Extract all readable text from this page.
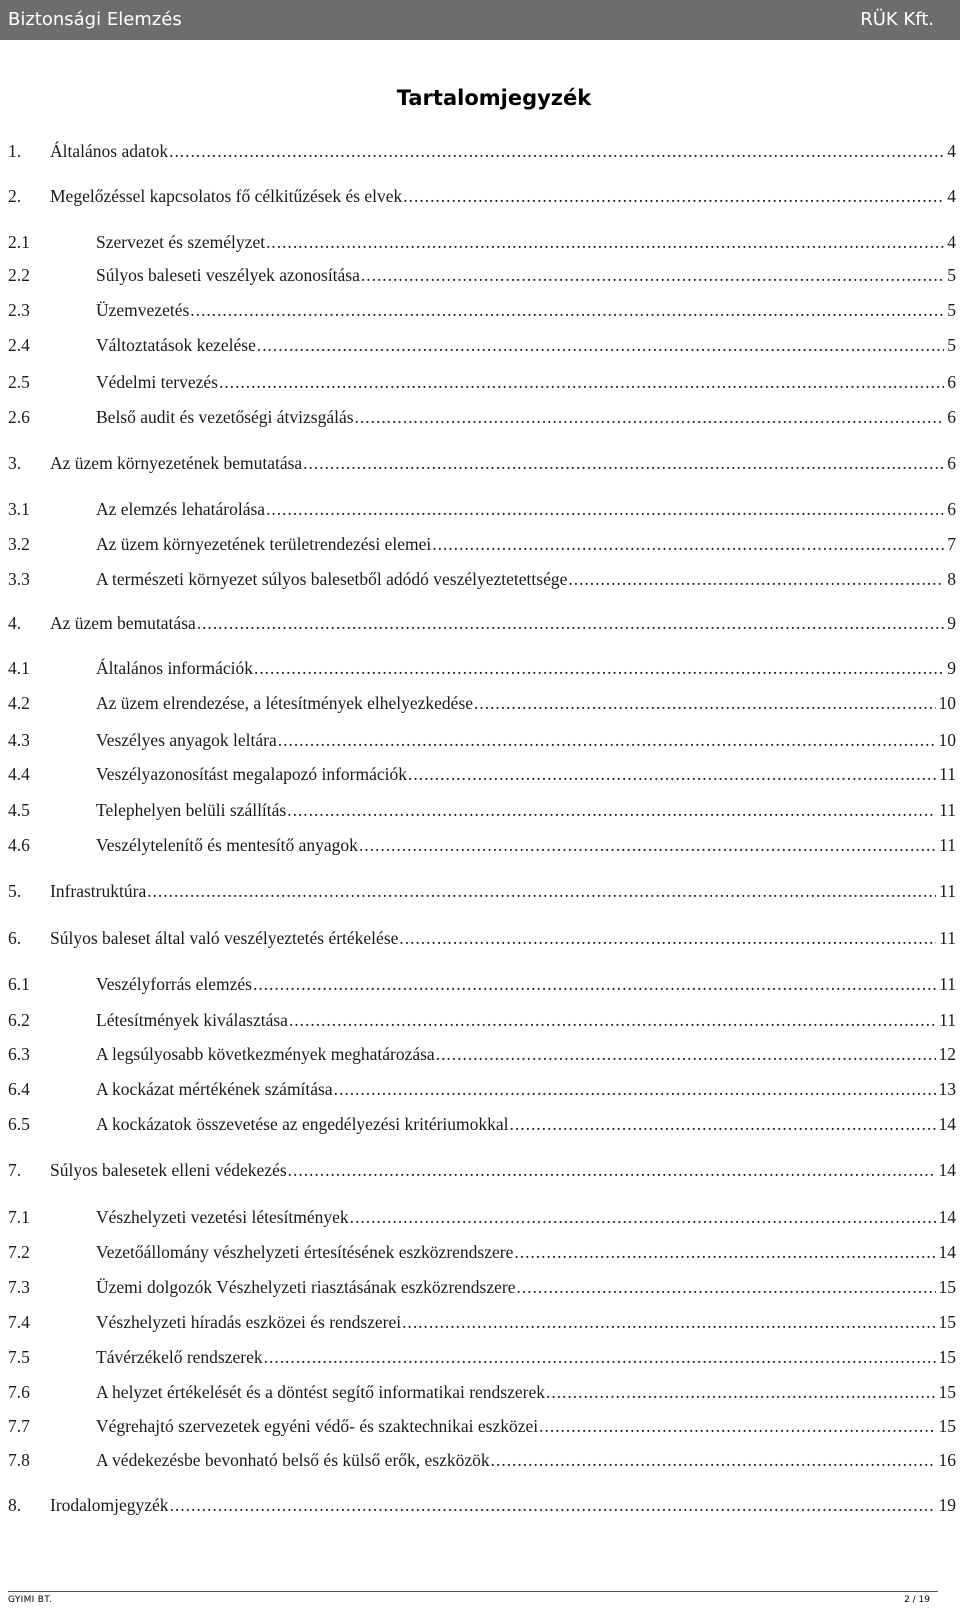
Biztonsági Elemzés	RÜK Kft.
Tartalomjegyzék
1. Általános adatok . . .	4
2. Megelőzéssel kapcsolatos fő célkitűzések és elvek . . .	4
2.1	Szervezet és személyzet . . .	4
2.2	Súlyos baleseti veszélyek azonosítása . . .	5
2.3	Üzemvezetés . . .	5
2.4	Változtatások kezelése . . .	5
2.5	Védelmi tervezés . . .	6
2.6	Belső audit és vezetőségi átvizsgálás . . .	6
3. Az üzem környezetének bemutatása . . .	6
3.1	Az elemzés lehatárolása . . .	6
3.2	Az üzem környezetének területrendezési elemei . . .	7
3.3	A természeti környezet súlyos balesetből adódó veszélyeztetettsége . . .	8
4. Az üzem bemutatása . . .	9
4.1	Általános információk . . .	9
4.2	Az üzem elrendezése, a létesítmények elhelyezkedése . . .	10
4.3	Veszélyes anyagok leltára . . .	10
4.4	Veszélyazonosítást megalapozó információk . . .	11
4.5	Telephelyen belüli szállítás . . .	11
4.6	Veszélytelenítő és mentesítő anyagok . . .	11
5. Infrastruktúra . . .	11
6. Súlyos baleset által való veszélyeztetés értékelése . . .	11
6.1	Veszélyforrás elemzés . . .	11
6.2	Létesítmények kiválasztása . . .	11
6.3	A legsúlyosabb következmények meghatározása . . .	12
6.4	A kockázat mértékének számítása . . .	13
6.5	A kockázatok összevetése az engedélyezési kritériumokkal . . .	14
7. Súlyos balesetek elleni védekezés . . .	14
7.1	Vészhelyzeti vezetési létesítmények . . .	14
7.2	Vezetőállomány vészhelyzeti értesítésének eszközrendszere . . .	14
7.3	Üzemi dolgozók Vészhelyzeti riasztásának eszközrendszere . . .	15
7.4	Vészhelyzeti híradás eszközei és rendszerei . . .	15
7.5	Távérzékelő rendszerek . . .	15
7.6	A helyzet értékelését és a döntést segítő informatikai rendszerek . . .	15
7.7	Végrehajtó szervezetek egyéni védő- és szaktechnikai eszközei . . .	15
7.8	A védekezésbe bevonható belső és külső erők, eszközök . . .	16
8. Irodalomjegyzék . . .	19
GYIMI BT.	2 / 19
